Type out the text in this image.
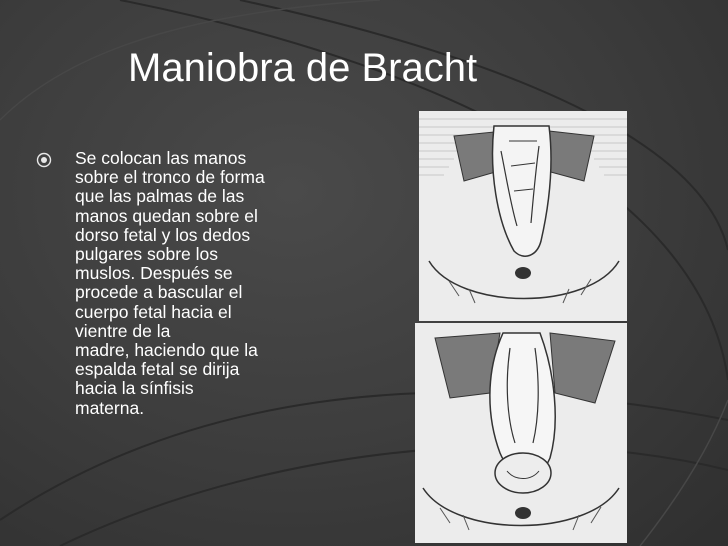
Maniobra de Bracht
Se colocan las manos
sobre el tronco de forma
que las palmas de las
manos quedan sobre el
dorso fetal y los dedos
pulgares sobre los
muslos. Después se
procede a bascular el
cuerpo fetal hacia el
vientre de la
madre, haciendo que la
espalda fetal se dirija
hacia la sínfisis
materna.
